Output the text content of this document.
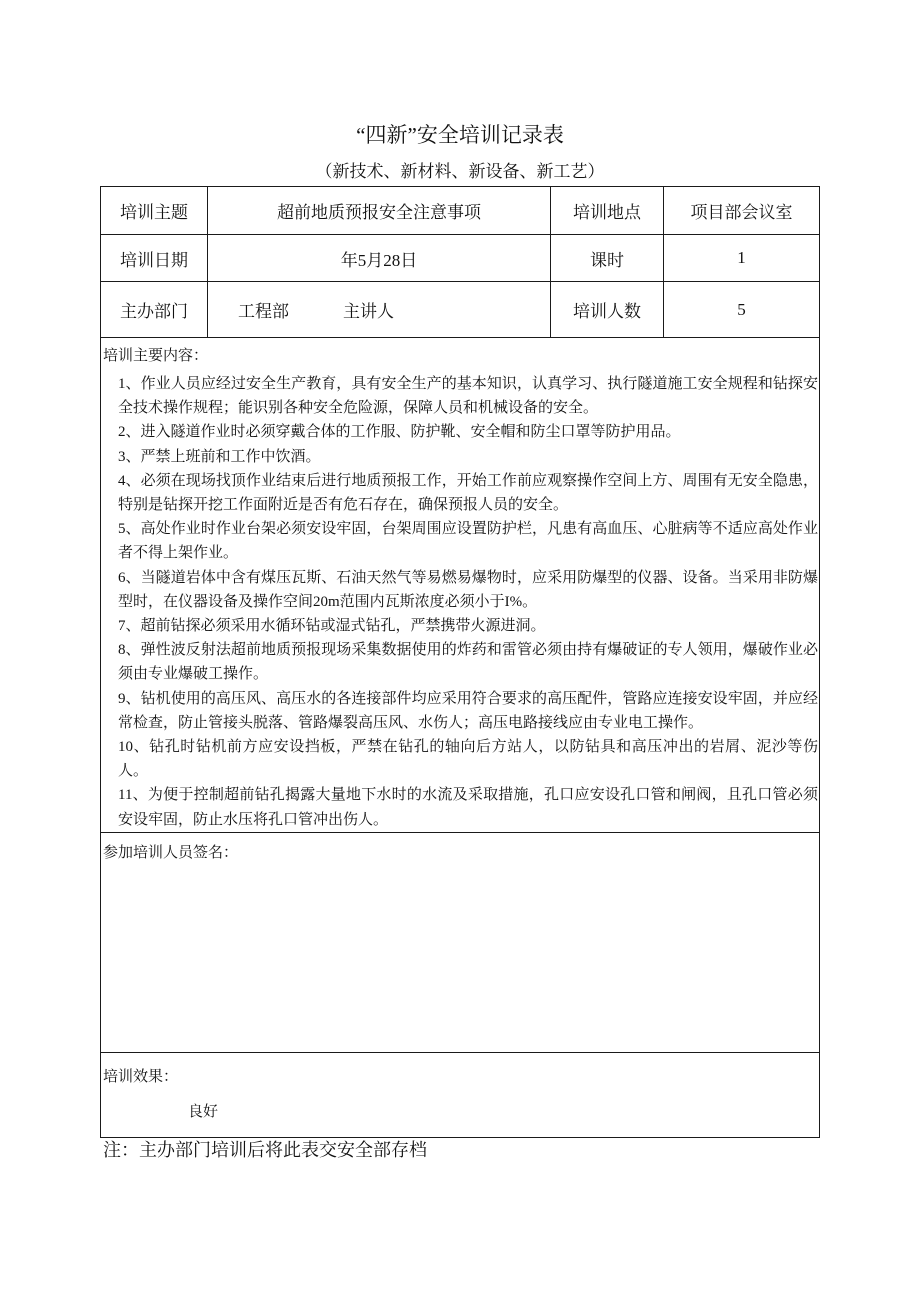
“四新”安全培训记录表
（新技术、新材料、新设备、新工艺）
培训主题	超前地质预报安全注意事项	培训地点	项目部会议室
培训日期	年5月28日	课时	1
主办部门	工程部	主讲人	培训人数	5
培训主要内容：
1、作业人员应经过安全生产教育，具有安全生产的基本知识，认真学习、执行隧道施工安全规程和钻探安全技术操作规程；能识别各种安全危险源，保障人员和机械设备的安全。
2、进入隧道作业时必须穿戴合体的工作服、防护靴、安全帽和防尘口罩等防护用品。
3、严禁上班前和工作中饮酒。
4、必须在现场找顶作业结束后进行地质预报工作，开始工作前应观察操作空间上方、周围有无安全隐患，特别是钻探开挖工作面附近是否有危石存在，确保预报人员的安全。
5、高处作业时作业台架必须安设牢固，台架周围应设置防护栏，凡患有高血压、心脏病等不适应高处作业者不得上架作业。
6、当隧道岩体中含有煤压瓦斯、石油天然气等易燃易爆物时，应采用防爆型的仪器、设备。当采用非防爆型时，在仪器设备及操作空间20m范围内瓦斯浓度必须小于I%。
7、超前钻探必须采用水循环钻或湿式钻孔，严禁携带火源进洞。
8、弹性波反射法超前地质预报现场采集数据使用的炸药和雷管必须由持有爆破证的专人领用，爆破作业必须由专业爆破工操作。
9、钻机使用的高压风、高压水的各连接部件均应采用符合要求的高压配件，管路应连接安设牢固，并应经常检查，防止管接头脱落、管路爆裂高压风、水伤人；高压电路接线应由专业电工操作。
10、钻孔时钻机前方应安设挡板，严禁在钻孔的轴向后方站人，以防钻具和高压冲出的岩屑、泥沙等伤人。
11、为便于控制超前钻孔揭露大量地下水时的水流及采取措施，孔口应安设孔口管和闸阀，且孔口管必须安设牢固，防止水压将孔口管冲出伤人。
参加培训人员签名：
培训效果：
良好
注：主办部门培训后将此表交安全部存档
